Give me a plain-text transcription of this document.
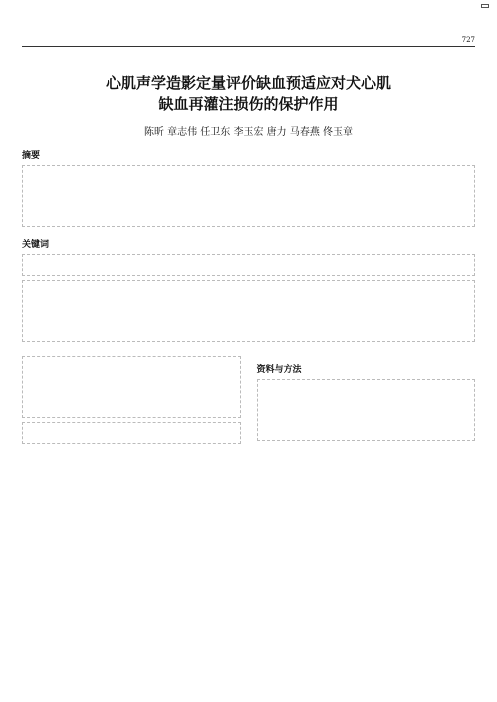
727
心肌声学造影定量评价缺血预适应对犬心肌
缺血再灌注损伤的保护作用
陈昕 章志伟 任卫东 李玉宏 唐力 马春燕 佟玉章
摘要
关键词
资料与方法
